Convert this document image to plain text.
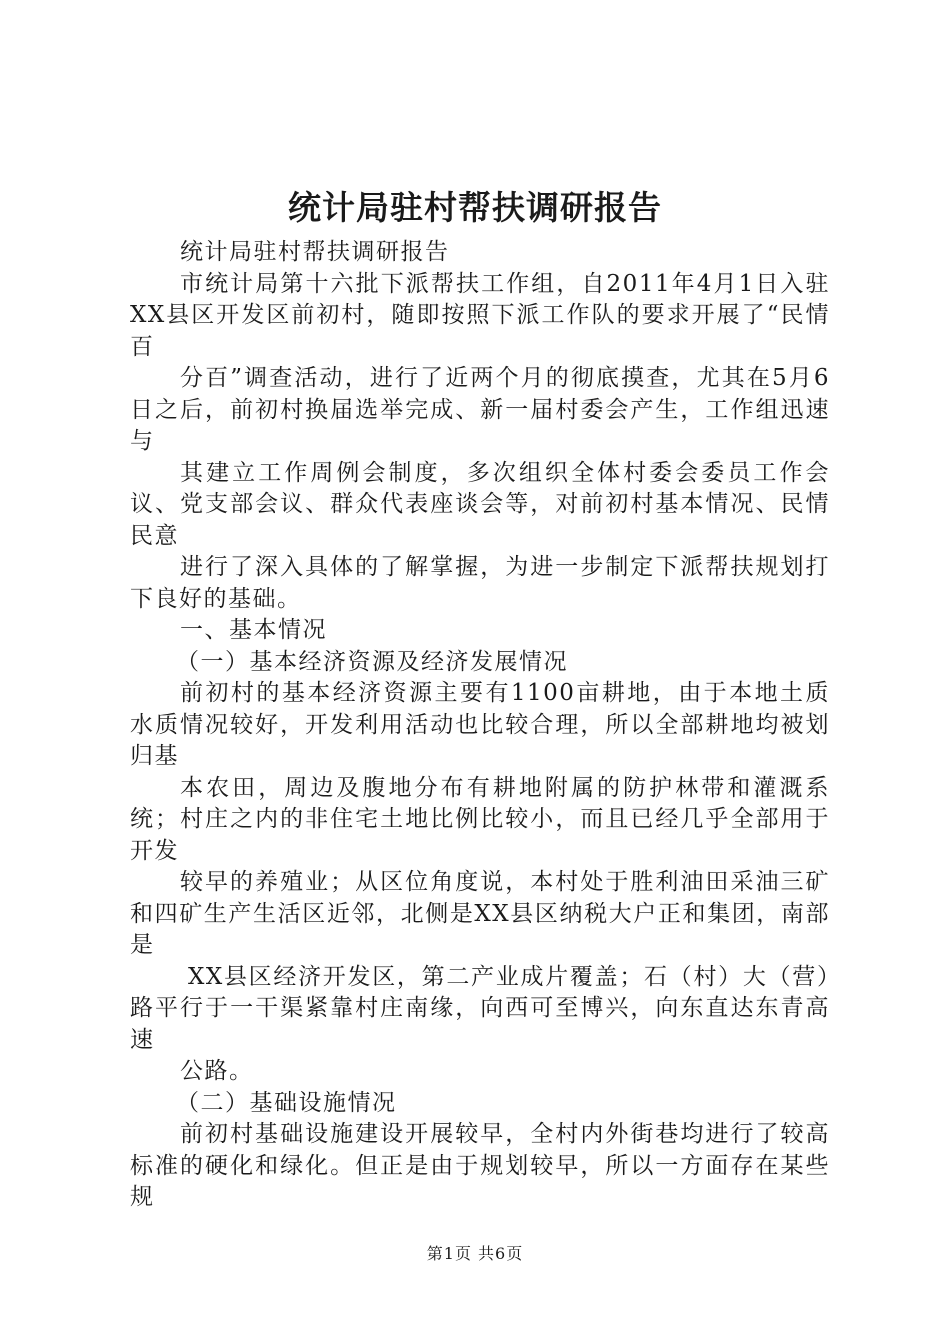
统计局驻村帮扶调研报告

统计局驻村帮扶调研报告

市统计局第十六批下派帮扶工作组，自2011年4月1日入驻XX县区开发区前初村，随即按照下派工作队的要求开展了“民情百

分百”调查活动，进行了近两个月的彻底摸查，尤其在5月6日之后，前初村换届选举完成、新一届村委会产生，工作组迅速与

其建立工作周例会制度，多次组织全体村委会委员工作会议、党支部会议、群众代表座谈会等，对前初村基本情况、民情民意

进行了深入具体的了解掌握，为进一步制定下派帮扶规划打下良好的基础。

一、基本情况

（一）基本经济资源及经济发展情况

前初村的基本经济资源主要有1100亩耕地，由于本地土质水质情况较好，开发利用活动也比较合理，所以全部耕地均被划归基

本农田，周边及腹地分布有耕地附属的防护林带和灌溉系统；村庄之内的非住宅土地比例比较小，而且已经几乎全部用于开发

较早的养殖业；从区位角度说，本村处于胜利油田采油三矿和四矿生产生活区近邻，北侧是XX县区纳税大户正和集团，南部是

XX县区经济开发区，第二产业成片覆盖；石（村）大（营）路平行于一干渠紧靠村庄南缘，向西可至博兴，向东直达东青高速

公路。

（二）基础设施情况

前初村基础设施建设开展较早，全村内外街巷均进行了较高标准的硬化和绿化。但正是由于规划较早，所以一方面存在某些规

第1页 共6页
